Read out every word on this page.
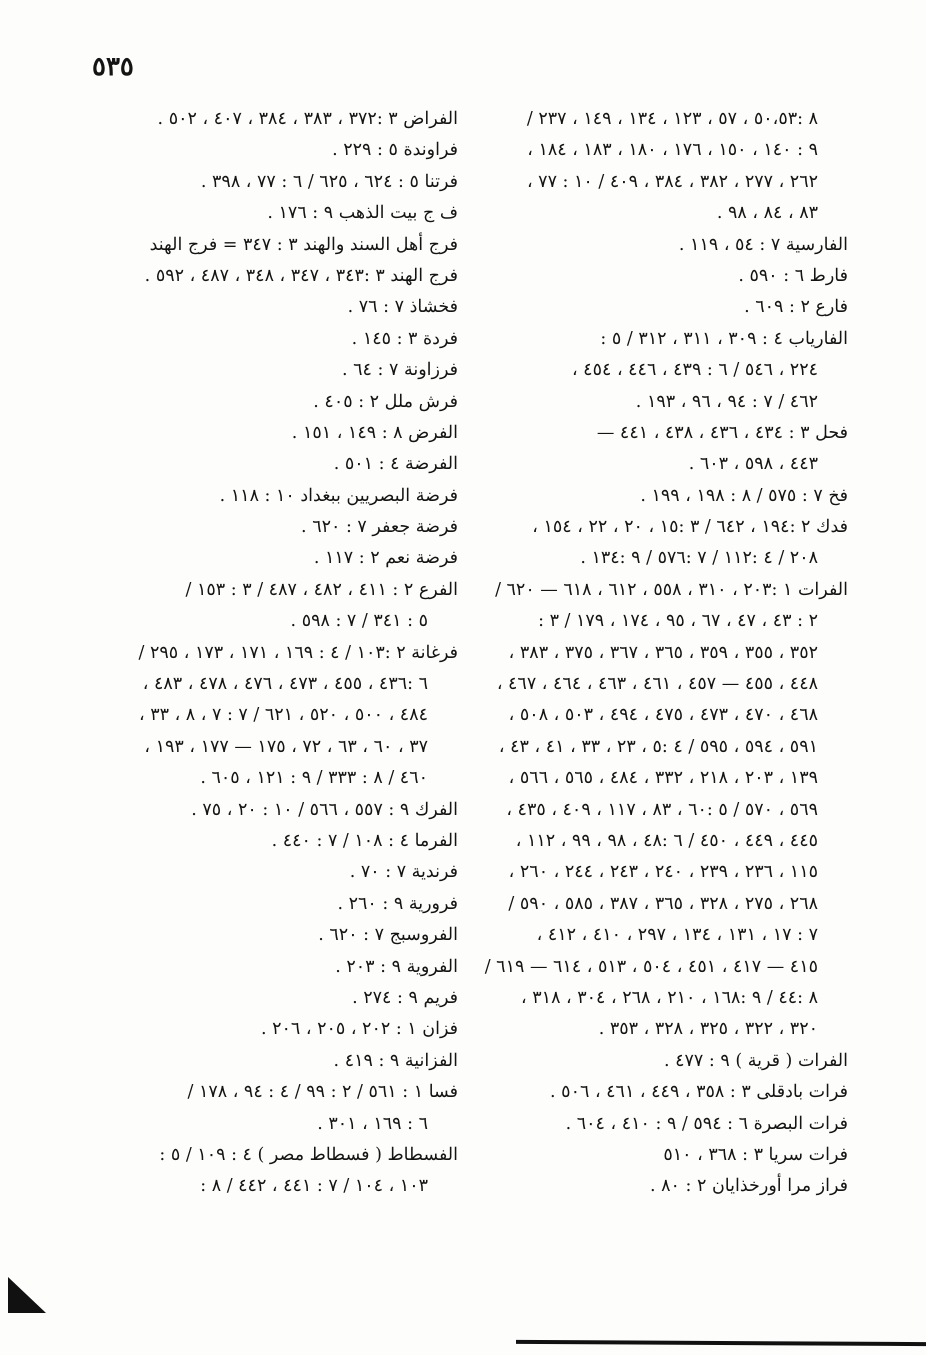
٥٣٥
٨ :٥٠،٥٣ ، ٥٧ ، ١٢٣ ، ١٣٤ ، ١٤٩ ، ٢٣٧ /
٩ : ١٤٠ ، ١٥٠ ، ١٧٦ ، ١٨٠ ، ١٨٣ ، ١٨٤ ،
٢٦٢ ، ٢٧٧ ، ٣٨٢ ، ٣٨٤ ، ٤٠٩ / ١٠ : ٧٧ ،
٨٣ ، ٨٤ ، ٩٨ .
الفارسية ٧ : ٥٤ ، ١١٩ .
فارط ٦ : ٥٩٠ .
فارع ٢ : ٦٠٩ .
الفارياب ٤ : ٣٠٩ ، ٣١١ ، ٣١٢ / ٥ :
٢٢٤ ، ٥٤٦ / ٦ : ٤٣٩ ، ٤٤٦ ، ٤٥٤ ،
٤٦٢ / ٧ : ٩٤ ، ٩٦ ، ١٩٣ .
فحل ٣ : ٤٣٤ ، ٤٣٦ ، ٤٣٨ ، ٤٤١ —
٤٤٣ ، ٥٩٨ ، ٦٠٣ .
فخ ٧ : ٥٧٥ / ٨ : ١٩٨ ، ١٩٩ .
فدك ٢ :١٩٤ ، ٦٤٢ / ٣ :١٥ ، ٢٠ ، ٢٢ ، ١٥٤ ،
٢٠٨ / ٤ :١١٢ / ٧ :٥٧٦ / ٩ :١٣٤ .
الفرات ١ :٢٠٣ ، ٣١٠ ، ٥٥٨ ، ٦١٢ ، ٦١٨ — ٦٢٠ /
٢ : ٤٣ ، ٤٧ ، ٦٧ ، ٩٥ ، ١٧٤ ، ١٧٩ / ٣ :
٣٥٢ ، ٣٥٥ ، ٣٥٩ ، ٣٦٥ ، ٣٦٧ ، ٣٧٥ ، ٣٨٣ ،
٤٤٨ ، ٤٥٥ — ٤٥٧ ، ٤٦١ ، ٤٦٣ ، ٤٦٤ ، ٤٦٧ ،
٤٦٨ ، ٤٧٠ ، ٤٧٣ ، ٤٧٥ ، ٤٩٤ ، ٥٠٣ ، ٥٠٨ ،
٥٩١ ، ٥٩٤ ، ٥٩٥ / ٤ :٥ ، ٢٣ ، ٣٣ ، ٤١ ، ٤٣ ،
١٣٩ ، ٢٠٣ ، ٢١٨ ، ٣٣٢ ، ٤٨٤ ، ٥٦٥ ، ٥٦٦ ،
٥٦٩ ، ٥٧٠ / ٥ :٦٠ ، ٨٣ ، ١١٧ ، ٤٠٩ ، ٤٣٥ ،
٤٤٥ ، ٤٤٩ ، ٤٥٠ / ٦ :٤٨ ، ٩٨ ، ٩٩ ، ١١٢ ،
١١٥ ، ٢٣٦ ، ٢٣٩ ، ٢٤٠ ، ٢٤٣ ، ٢٤٤ ، ٢٦٠ ،
٢٦٨ ، ٢٧٥ ، ٣٢٨ ، ٣٦٥ ، ٣٨٧ ، ٥٨٥ ، ٥٩٠ /
٧ : ١٧ ، ١٣١ ، ١٣٤ ، ٢٩٧ ، ٤١٠ ، ٤١٢ ،
٤١٥ — ٤١٧ ، ٤٥١ ، ٥٠٤ ، ٥١٣ ، ٦١٤ — ٦١٩ /
٨ :٤٤ / ٩ :١٦٨ ، ٢١٠ ، ٢٦٨ ، ٣٠٤ ، ٣١٨ ،
٣٢٠ ، ٣٢٢ ، ٣٢٥ ، ٣٢٨ ، ٣٥٣ .
الفرات ( قرية ) ٩ : ٤٧٧ .
فرات بادقلى ٣ : ٣٥٨ ، ٤٤٩ ، ٤٦١ ، ٥٠٦ .
فرات البصرة ٦ : ٥٩٤ / ٩ : ٤١٠ ، ٦٠٤ .
فرات سريا ٣ : ٣٦٨ ، ٥١٠
فراز مرا أورخذايان ٢ : ٨٠ .
الفراض ٣ :٣٧٢ ، ٣٨٣ ، ٣٨٤ ، ٤٠٧ ، ٥٠٢ .
فراوندة ٥ : ٢٢٩ .
فرتنا ٥ : ٦٢٤ ، ٦٢٥ / ٦ : ٧٧ ، ٣٩٨ .
ف ج بيت الذهب ٩ : ١٧٦ .
فرج أهل السند والهند ٣ : ٣٤٧ = فرج الهند
فرج الهند ٣ :٣٤٣ ، ٣٤٧ ، ٣٤٨ ، ٤٨٧ ، ٥٩٢ .
فخشاذ ٧ : ٧٦ .
فردة ٣ : ١٤٥ .
فرزاونة ٧ : ٦٤ .
فرش ملل ٢ : ٤٠٥ .
الفرض ٨ : ١٤٩ ، ١٥١ .
الفرضة ٤ : ٥٠١ .
فرضة البصريين ببغداد ١٠ : ١١٨ .
فرضة جعفر ٧ : ٦٢٠ .
فرضة نعم ٢ : ١١٧ .
الفرع ٢ : ٤١١ ، ٤٨٢ ، ٤٨٧ / ٣ : ١٥٣ /
٥ : ٣٤١ / ٧ : ٥٩٨ .
فرغانة ٢ :١٠٣ / ٤ : ١٦٩ ، ١٧١ ، ١٧٣ ، ٢٩٥ /
٦ :٤٣٦ ، ٤٥٥ ، ٤٧٣ ، ٤٧٦ ، ٤٧٨ ، ٤٨٣ ،
٤٨٤ ، ٥٠٠ ، ٥٢٠ ، ٦٢١ / ٧ : ٧ ، ٨ ، ٣٣ ،
٣٧ ، ٦٠ ، ٦٣ ، ٧٢ ، ١٧٥ — ١٧٧ ، ١٩٣ ،
٤٦٠ / ٨ : ٣٣٣ / ٩ : ١٢١ ، ٦٠٥ .
الفرك ٩ : ٥٥٧ ، ٥٦٦ / ١٠ : ٢٠ ، ٧٥ .
الفرما ٤ : ١٠٨ / ٧ : ٤٤٠ .
فرندية ٧ : ٧٠ .
فرورية ٩ : ٢٦٠ .
الفروسبج ٧ : ٦٢٠ .
الفروية ٩ : ٢٠٣ .
فريم ٩ : ٢٧٤ .
فزان ١ : ٢٠٢ ، ٢٠٥ ، ٢٠٦ .
الفزانية ٩ : ٤١٩ .
فسا ١ : ٥٦١ / ٢ : ٩٩ / ٤ : ٩٤ ، ١٧٨ /
٦ : ١٦٩ ، ٣٠١ .
الفسطاط ( فسطاط مصر ) ٤ : ١٠٩ / ٥ :
١٠٣ ، ١٠٤ / ٧ : ٤٤١ ، ٤٤٢ / ٨ :
